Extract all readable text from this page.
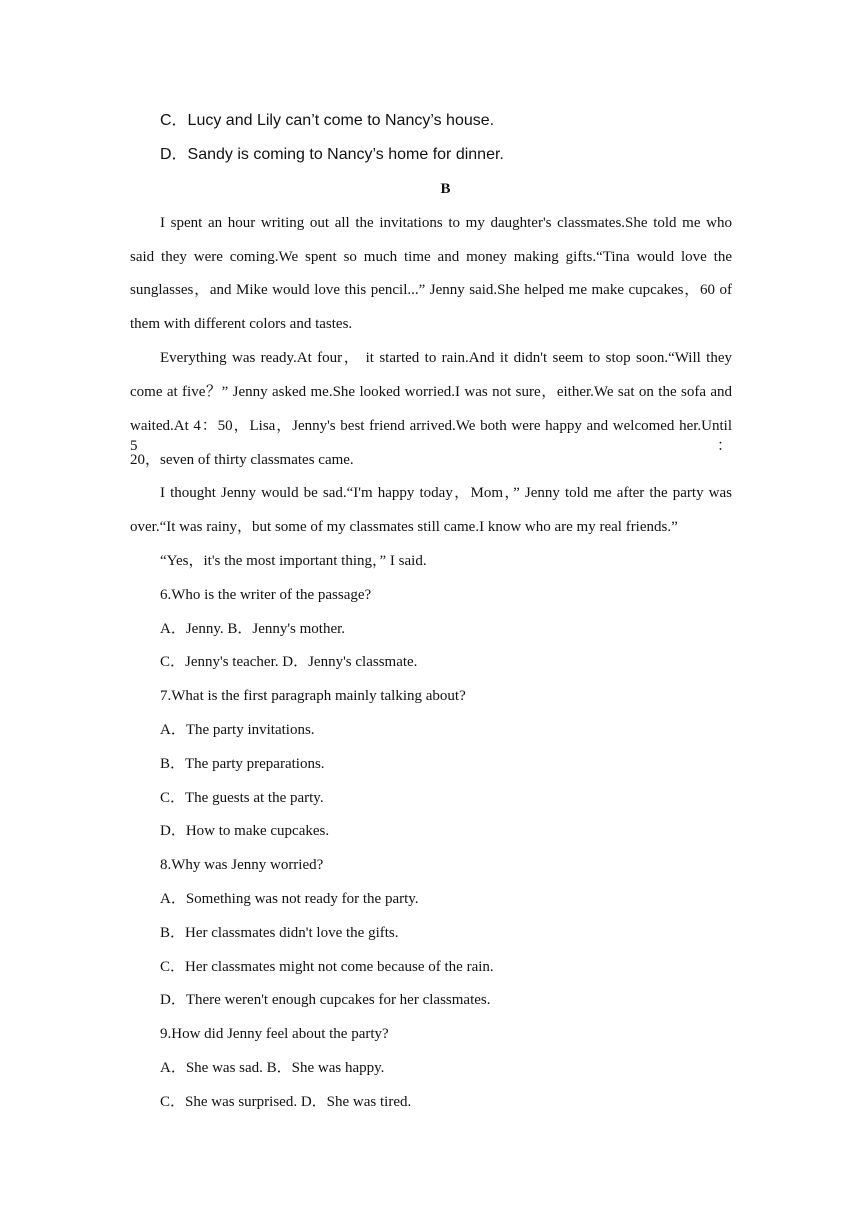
C．Lucy and Lily can’t come to Nancy’s house.
D．Sandy is coming to Nancy’s home for dinner.
B
I spent an hour writing out all the invitations to my daughter's classmates.She told me who
said they were coming.We spent so much time and money making gifts.“Tina would love the
sunglasses，and Mike would love this pencil...” Jenny said.She helped me make cupcakes，60 of
them with different colors and tastes.
Everything was ready.At four， it started to rain.And it didn't seem to stop soon.“Will they
come at five？” Jenny asked me.She looked worried.I was not sure，either.We sat on the sofa and
waited.At 4：50，Lisa，Jenny's best friend arrived.We both were happy and welcomed her.Until 5：
20，seven of thirty classmates came.
I thought Jenny would be sad.“I'm happy today，Mom，” Jenny told me after the party was
over.“It was rainy，but some of my classmates still came.I know who are my real friends.”
“Yes，it's the most important thing，” I said.
6.Who is the writer of the passage?
A．Jenny. B．Jenny's mother.
C．Jenny's teacher. D．Jenny's classmate.
7.What is the first paragraph mainly talking about?
A．The party invitations.
B．The party preparations.
C．The guests at the party.
D．How to make cupcakes.
8.Why was Jenny worried?
A．Something was not ready for the party.
B．Her classmates didn't love the gifts.
C．Her classmates might not come because of the rain.
D．There weren't enough cupcakes for her classmates.
9.How did Jenny feel about the party?
A．She was sad. B．She was happy.
C．She was surprised. D．She was tired.
